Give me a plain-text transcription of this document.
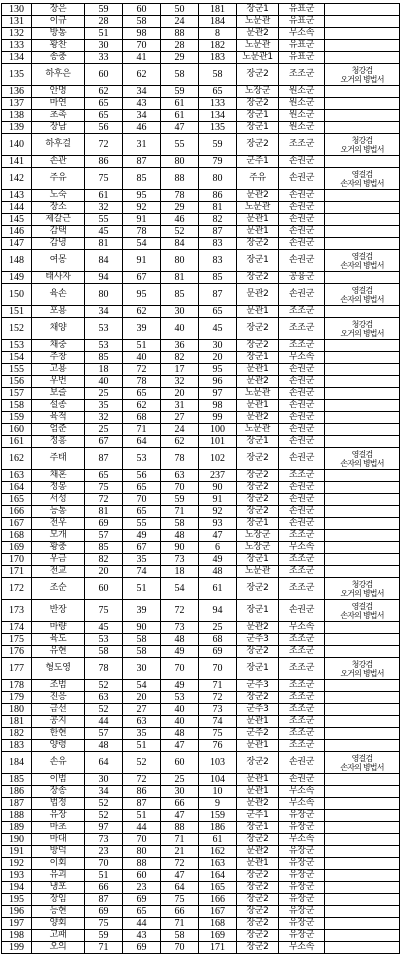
130	장은	59	60	50	181	장군1	유표군	
131	이규	28	58	24	184	노문관	유표군	
132	방통	51	98	88	8	문관2	무소속	
133	황찬	30	70	28	182	노문관	유표군	
134	송충	33	41	29	183	노문관1	유표군	
135	하후은	60	62	58	58	장군2	조조군	청강검
오거의 병법서
136	안명	62	34	59	65	노장군	원소군	
137	마연	65	43	61	133	장군2	원소군	
138	초촉	65	34	61	134	장군1	원소군	
139	장남	56	46	47	135	장군1	원소군	
140	하후걸	72	31	55	59	장군2	조조군	청강검
오거의 병법서
141	손관	86	87	80	79	군주1	손권군	
142	주유	75	85	88	80	주유	손권군	영걸검
손자의 병법서
143	노숙	61	95	78	86	문관2	손권군	
144	장소	32	92	29	81	노문관	손권군	
145	제갈근	55	91	46	82	문관1	손권군	
146	감택	45	78	52	87	문관1	손권군	
147	감녕	81	54	84	83	장군2	손권군	
148	여몽	84	91	80	83	장군1	손권군	영걸검
손자의 병법서
149	태사자	94	67	81	85	장군2	공융군	
150	육손	80	95	85	87	문관2	손권군	영걸검
손자의 병법서
151	포용	34	62	30	65	문관1	조조군	
152	채양	53	39	40	45	장군2	조조군	청강검
오거의 병법서
153	채중	53	51	36	30	장군2	조조군	
154	주창	85	40	82	20	장군1	무소속	
155	고용	18	72	17	95	문관1	손권군	
156	우번	40	78	32	96	문관2	손권군	
157	보즐	25	65	20	97	노문관	손권군	
158	설종	35	62	31	98	문관1	손권군	
159	육적	32	68	27	99	문관2	손권군	
160	엄준	25	71	24	100	노문관	손권군	
161	정흥	67	64	62	101	장군1	손권군	
162	주태	87	53	78	102	장군2	손권군	영걸검
손자의 병법서
163	채혼	65	56	63	237	장군2	조조군	
164	정봉	75	65	70	90	장군2	손권군	
165	서성	72	70	59	91	장군2	손권군	
166	능통	81	65	71	92	장군2	손권군	
167	전우	69	55	58	93	장군1	손권군	
168	모개	57	49	48	47	노장군	조조군	
169	황충	85	67	90	6	노장군	무소속	
170	우금	82	35	73	49	장군1	조조군	
171	전교	20	74	18	48	노문관	조조군	
172	조순	60	51	54	61	장군2	조조군	청강검
오거의 병법서
173	반장	75	39	72	94	장군1	손권군	영걸검
손자의 병법서
174	마량	45	90	73	25	문관2	무소속	
175	육도	53	58	48	68	군주3	조조군	
176	유현	58	58	49	69	장군2	조조군	
177	형도영	78	30	70	70	장군1	조조군	청강검
오거의 병법서
178	조범	52	54	49	71	군주3	조조군	
179	진응	63	20	53	72	장군2	조조군	
180	금선	52	27	40	73	군주3	조조군	
181	공지	44	63	40	74	문관1	조조군	
182	한현	57	35	48	75	군주2	조조군	
183	양령	48	51	47	76	문관1	조조군	
184	손유	64	52	60	103	장군2	손권군	영걸검
손자의 병법서
185	이범	30	72	25	104	문관1	손권군	
186	장송	34	86	30	10	문관1	무소속	
187	법정	52	87	66	9	문관2	무소속	
188	유장	52	51	47	159	군주1	유장군	
189	마초	97	44	88	186	장군1	유장군	
190	마대	73	70	71	61	장군2	무소속	
191	방덕	23	80	21	162	문관2	유장군	
192	이회	70	88	72	163	문관1	유장군	
193	유괴	51	60	47	164	장군2	유장군	
194	냉포	66	23	64	165	장군2	유장군	
195	장임	87	69	75	166	장군2	유장군	
196	등현	69	65	66	167	장군2	유장군	
197	양회	75	44	71	168	장군2	유장군	
198	고패	59	43	58	169	장군2	유장군	
199	오의	71	69	70	171	장군2	무소속	
